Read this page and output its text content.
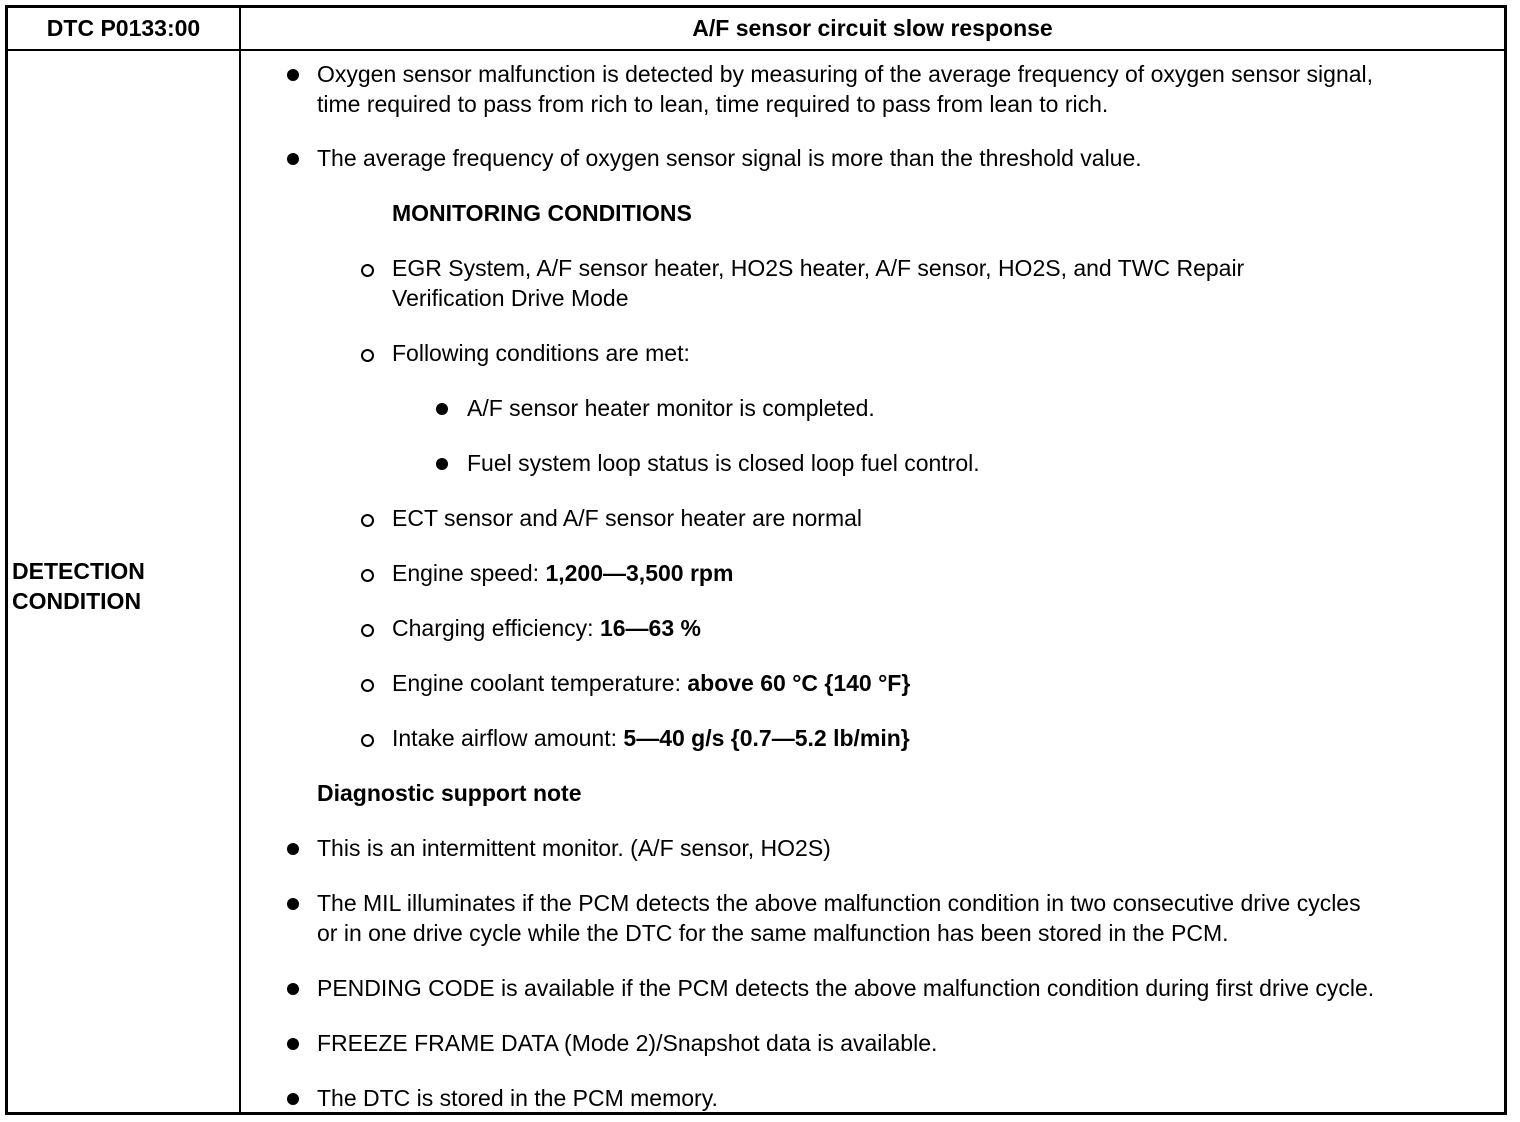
DTC P0133:00	A/F sensor circuit slow response
DETECTION CONDITION
Oxygen sensor malfunction is detected by measuring of the average frequency of oxygen sensor signal,
time required to pass from rich to lean, time required to pass from lean to rich.
The average frequency of oxygen sensor signal is more than the threshold value.
MONITORING CONDITIONS
EGR System, A/F sensor heater, HO2S heater, A/F sensor, HO2S, and TWC Repair
Verification Drive Mode
Following conditions are met:
A/F sensor heater monitor is completed.
Fuel system loop status is closed loop fuel control.
ECT sensor and A/F sensor heater are normal
Engine speed: 1,200—3,500 rpm
Charging efficiency: 16—63 %
Engine coolant temperature: above 60 °C {140 °F}
Intake airflow amount: 5—40 g/s {0.7—5.2 lb/min}
Diagnostic support note
This is an intermittent monitor. (A/F sensor, HO2S)
The MIL illuminates if the PCM detects the above malfunction condition in two consecutive drive cycles
or in one drive cycle while the DTC for the same malfunction has been stored in the PCM.
PENDING CODE is available if the PCM detects the above malfunction condition during first drive cycle.
FREEZE FRAME DATA (Mode 2)/Snapshot data is available.
The DTC is stored in the PCM memory.
